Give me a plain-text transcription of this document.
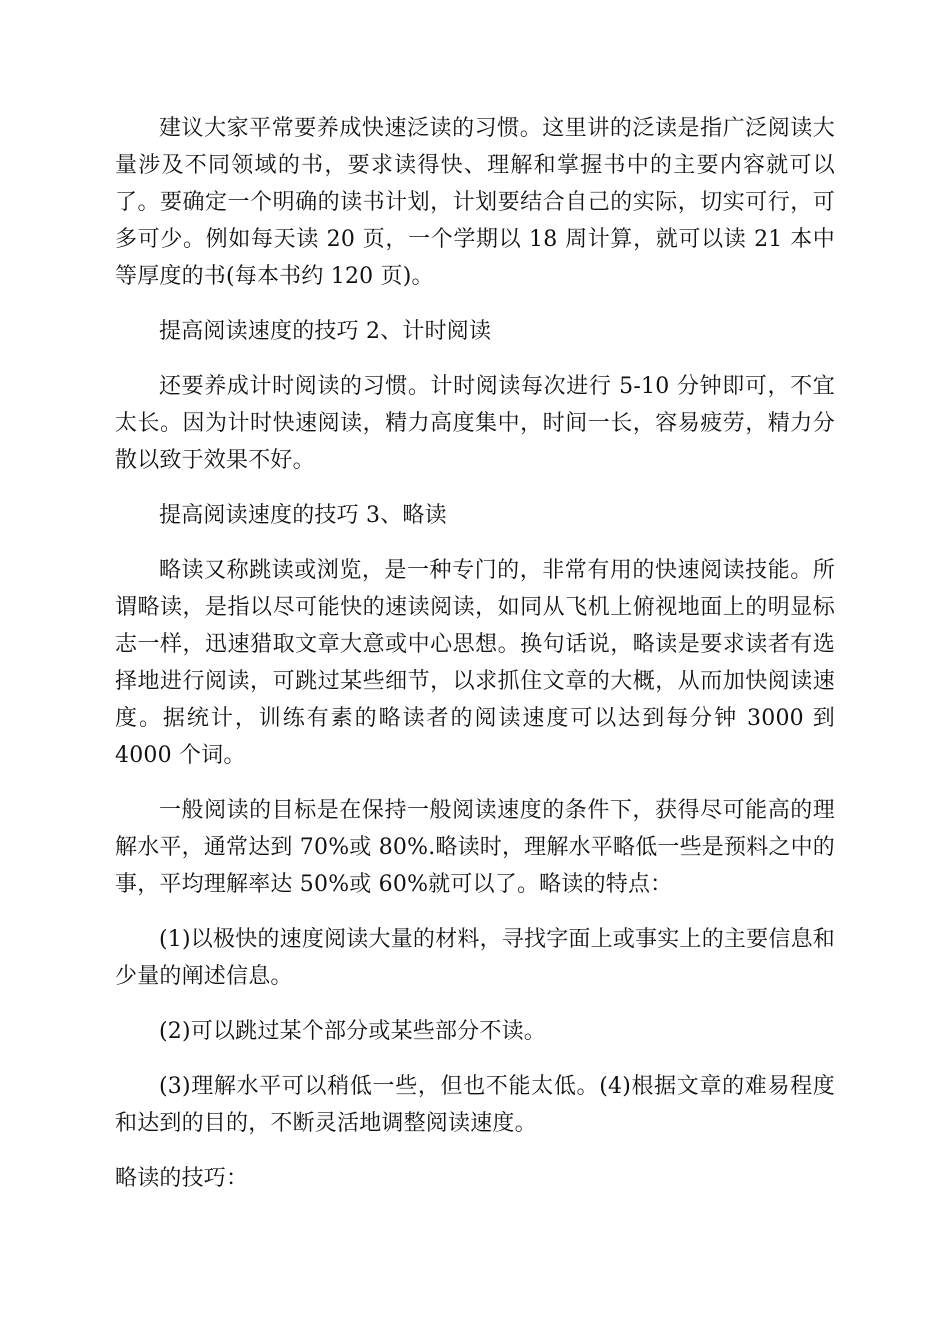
建议大家平常要养成快速泛读的习惯。这里讲的泛读是指广泛阅读大量涉及不同领域的书，要求读得快、理解和掌握书中的主要内容就可以了。要确定一个明确的读书计划，计划要结合自己的实际，切实可行，可多可少。例如每天读 20 页，一个学期以 18 周计算，就可以读 21 本中等厚度的书(每本书约 120 页)。

提高阅读速度的技巧 2、计时阅读

还要养成计时阅读的习惯。计时阅读每次进行 5-10 分钟即可，不宜太长。因为计时快速阅读，精力高度集中，时间一长，容易疲劳，精力分散以致于效果不好。

提高阅读速度的技巧 3、略读

略读又称跳读或浏览，是一种专门的，非常有用的快速阅读技能。所谓略读，是指以尽可能快的速读阅读，如同从飞机上俯视地面上的明显标志一样，迅速猎取文章大意或中心思想。换句话说，略读是要求读者有选择地进行阅读，可跳过某些细节，以求抓住文章的大概，从而加快阅读速度。据统计，训练有素的略读者的阅读速度可以达到每分钟 3000 到 4000 个词。

一般阅读的目标是在保持一般阅读速度的条件下，获得尽可能高的理解水平，通常达到 70%或 80%.略读时，理解水平略低一些是预料之中的事，平均理解率达 50%或 60%就可以了。略读的特点：

(1)以极快的速度阅读大量的材料，寻找字面上或事实上的主要信息和少量的阐述信息。

(2)可以跳过某个部分或某些部分不读。

(3)理解水平可以稍低一些，但也不能太低。(4)根据文章的难易程度和达到的目的，不断灵活地调整阅读速度。

略读的技巧：
